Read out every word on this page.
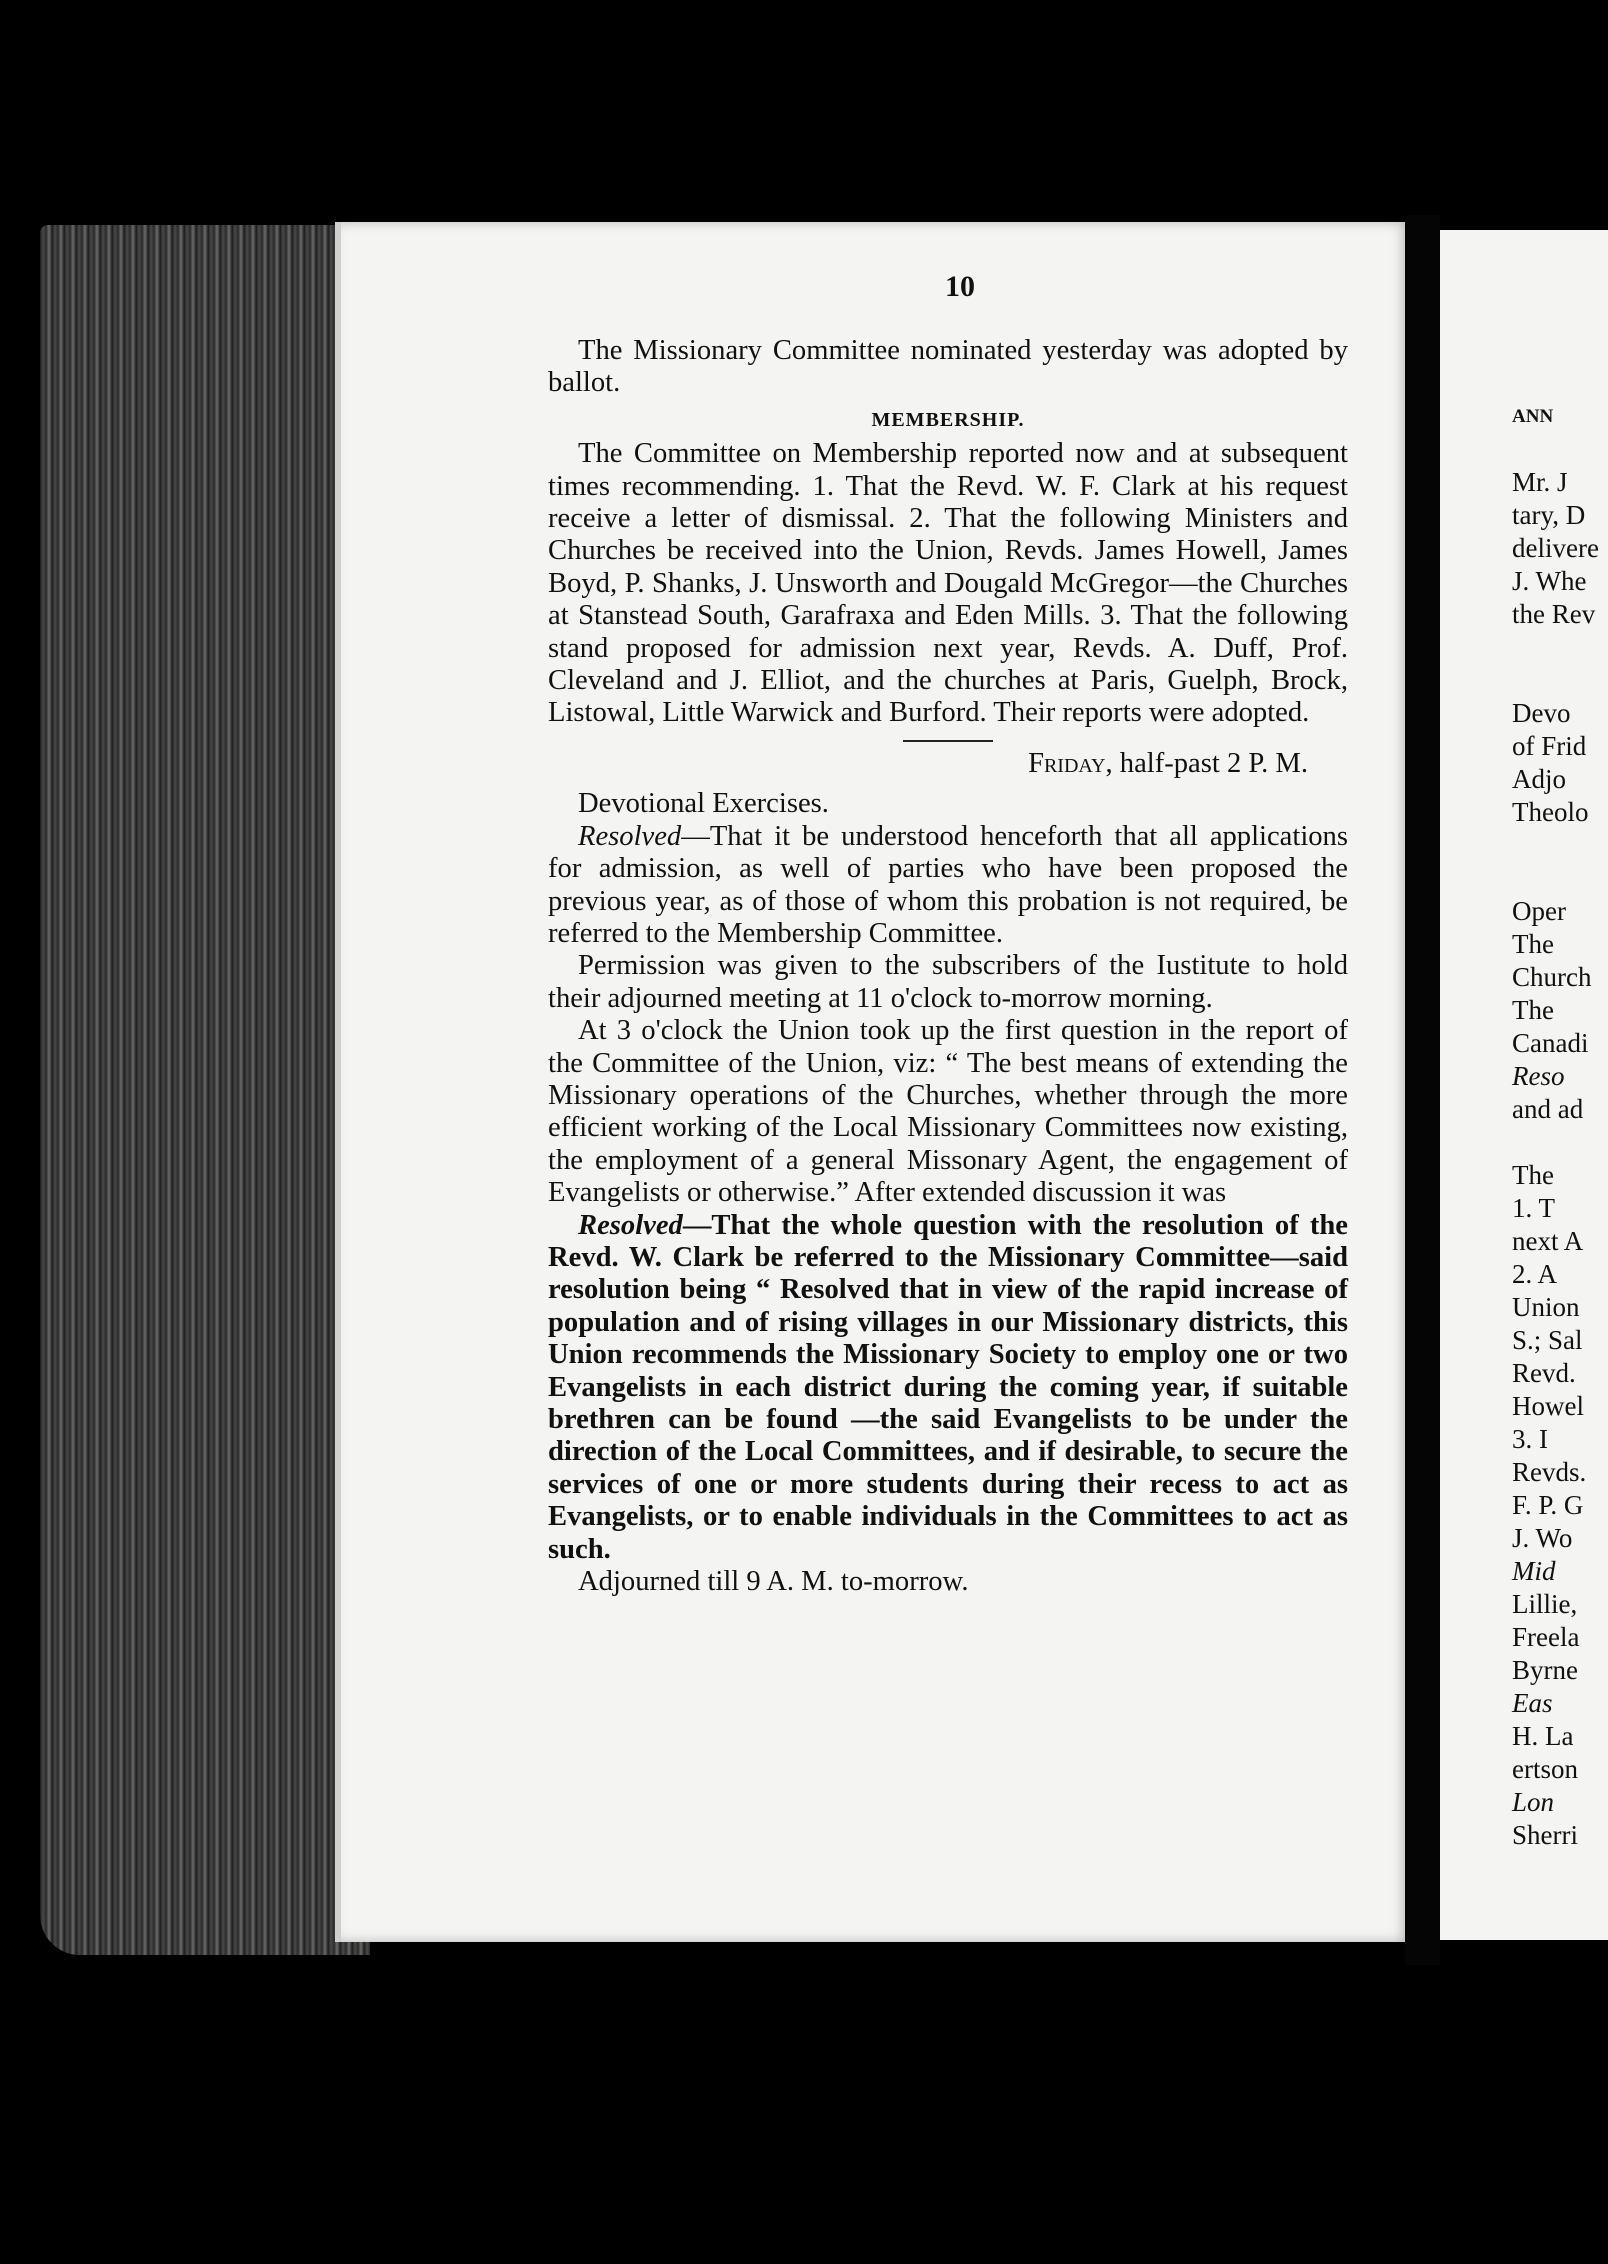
10

The Missionary Committee nominated yesterday was adopted by ballot.

MEMBERSHIP.

The Committee on Membership reported now and at subsequent times recommending. 1. That the Revd. W. F. Clark at his request receive a letter of dismissal. 2. That the following Ministers and Churches be received into the Union, Revds. James Howell, James Boyd, P. Shanks, J. Unsworth and Dougald McGregor—the Churches at Stanstead South, Garafraxa and Eden Mills. 3. That the following stand proposed for admission next year, Revds. A. Duff, Prof. Cleveland and J. Elliot, and the churches at Paris, Guelph, Brock, Listowal, Little Warwick and Burford. Their reports were adopted.

Friday, half-past 2 P. M.

Devotional Exercises.

Resolved—That it be understood henceforth that all applications for admission, as well of parties who have been proposed the previous year, as of those of whom this probation is not required, be referred to the Membership Committee.

Permission was given to the subscribers of the Iustitute to hold their adjourned meeting at 11 o'clock to-morrow morning.

At 3 o'clock the Union took up the first question in the report of the Committee of the Union, viz: “ The best means of extending the Missionary operations of the Churches, whether through the more efficient working of the Local Missionary Committees now existing, the employment of a general Missonary Agent, the engagement of Evangelists or otherwise.” After extended discussion it was

Resolved—That the whole question with the resolution of the Revd. W. Clark be referred to the Missionary Committee—said resolution being “ Resolved that in view of the rapid increase of population and of rising villages in our Missionary districts, this Union recommends the Missionary Society to employ one or two Evangelists in each district during the coming year, if suitable brethren can be found —the said Evangelists to be under the direction of the Local Committees, and if desirable, to secure the services of one or more students during their recess to act as Evangelists, or to enable individuals in the Committees to act as such.

Adjourned till 9 A. M. to-morrow.

ANN

Mr. J
tary, D
delivere
J. Whe
the Rev

Devo
of Frid
Adjo
Theolo

Oper
The
Church
The
Canadi
Reso
and ad

The
1. T
next A
2. A
Union
S.; Sal
Revd.
Howel
3. I
Revds.
F. P. G
J. Wo
Mid
Lillie,
Freela
Byrne
Eas
H. La
ertson
Lon
Sherri
